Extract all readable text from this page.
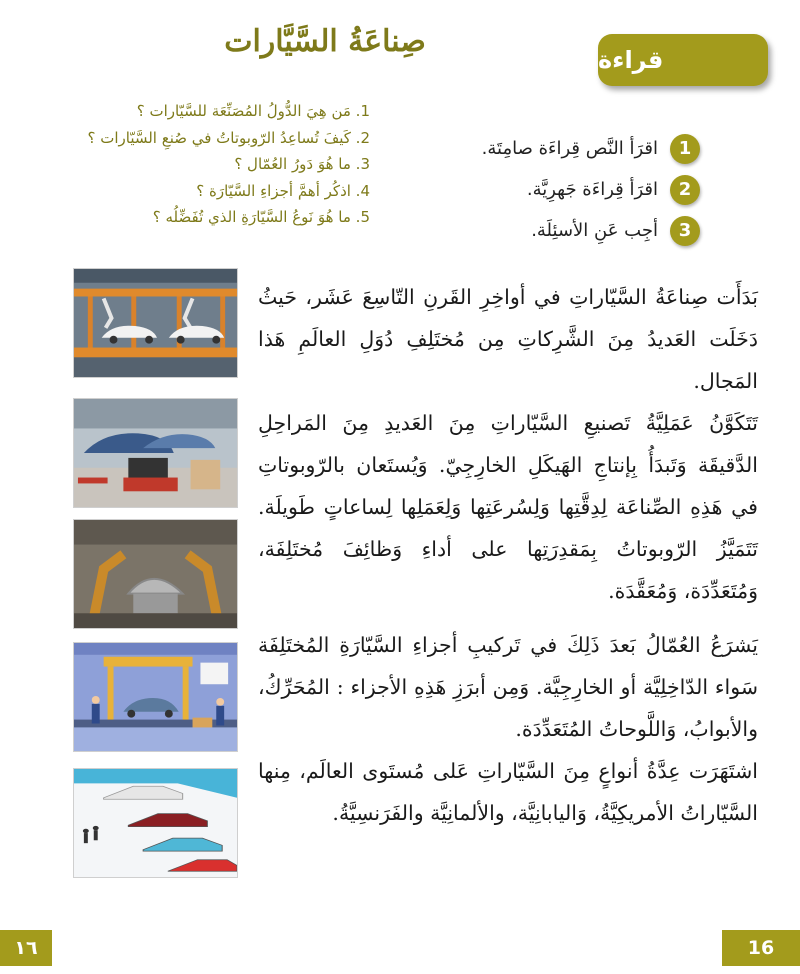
قراءة
صِناعَةُ السَّيَّارات
1. مَن هِيَ الدُّولُ المُصَنِّعَة للسَّيّارات ؟
2. كَيفَ تُساعِدُ الرّوبوتاتُ في صُنعِ السَّيّارات ؟
3. ما هُوَ دَورُ العُمّال ؟
4. اذكُر أهمَّ أجزاءِ السَّيّارَة ؟
5. ما هُوَ نَوعُ السَّيّارَةِ الذي تُفَضِّلُه ؟
اقرَأ النَّص قِراءَة صامِتَة.	1
اقرَأ قِراءَة جَهرِيَّة.	2
أجِب عَنِ الأسئِلَة.	3

بَدَأَت صِناعَةُ السَّيّاراتِ في أواخِرِ القَرنِ التّاسِعَ عَشَر، حَيثُ دَخَلَت العَديدُ مِنَ الشَّرِكاتِ مِن مُختَلِفِ دُوَلِ العالَمِ هَذا المَجال.

تَتَكَوَّنُ عَمَلِيَّةُ تَصنيعِ السَّيّاراتِ مِنَ العَديدِ مِنَ المَراحِلِ الدَّقيقَة وَتَبدَأُ بِإنتاجِ الهَيكَلِ الخارِجِيّ. وَيُستَعان بالرّوبوتاتِ في هَذِهِ الصِّناعَة لِدِقَّتِها وَلِسُرعَتِها وَلِعَمَلِها لِساعاتٍ طَويلَة. تَتَمَيَّزُ الرّوبوتاتُ بِمَقدِرَتِها على أداءِ وَظائِفَ مُختَلِفَة، وَمُتَعَدِّدَة، وَمُعَقَّدَة.

يَشرَعُ العُمّالُ بَعدَ ذَلِكَ في تَركيبِ أجزاءِ السَّيّارَةِ المُختَلِفَة سَواء الدّاخِلِيَّة أو الخارِجِيَّة. وَمِن أبرَزِ هَذِهِ الأجزاء : المُحَرِّكُ، والأبوابُ، وَاللَّوحاتُ المُتَعَدِّدَة.

اشتَهَرَت عِدَّةُ أنواعٍ مِنَ السَّيّاراتِ عَلى مُستَوى العالَم، مِنها السَّيّاراتُ الأمريكِيَّةُ، وَاليابانِيَّة، والألمانِيَّة والفَرَنسِيَّةُ.

١٦	16
